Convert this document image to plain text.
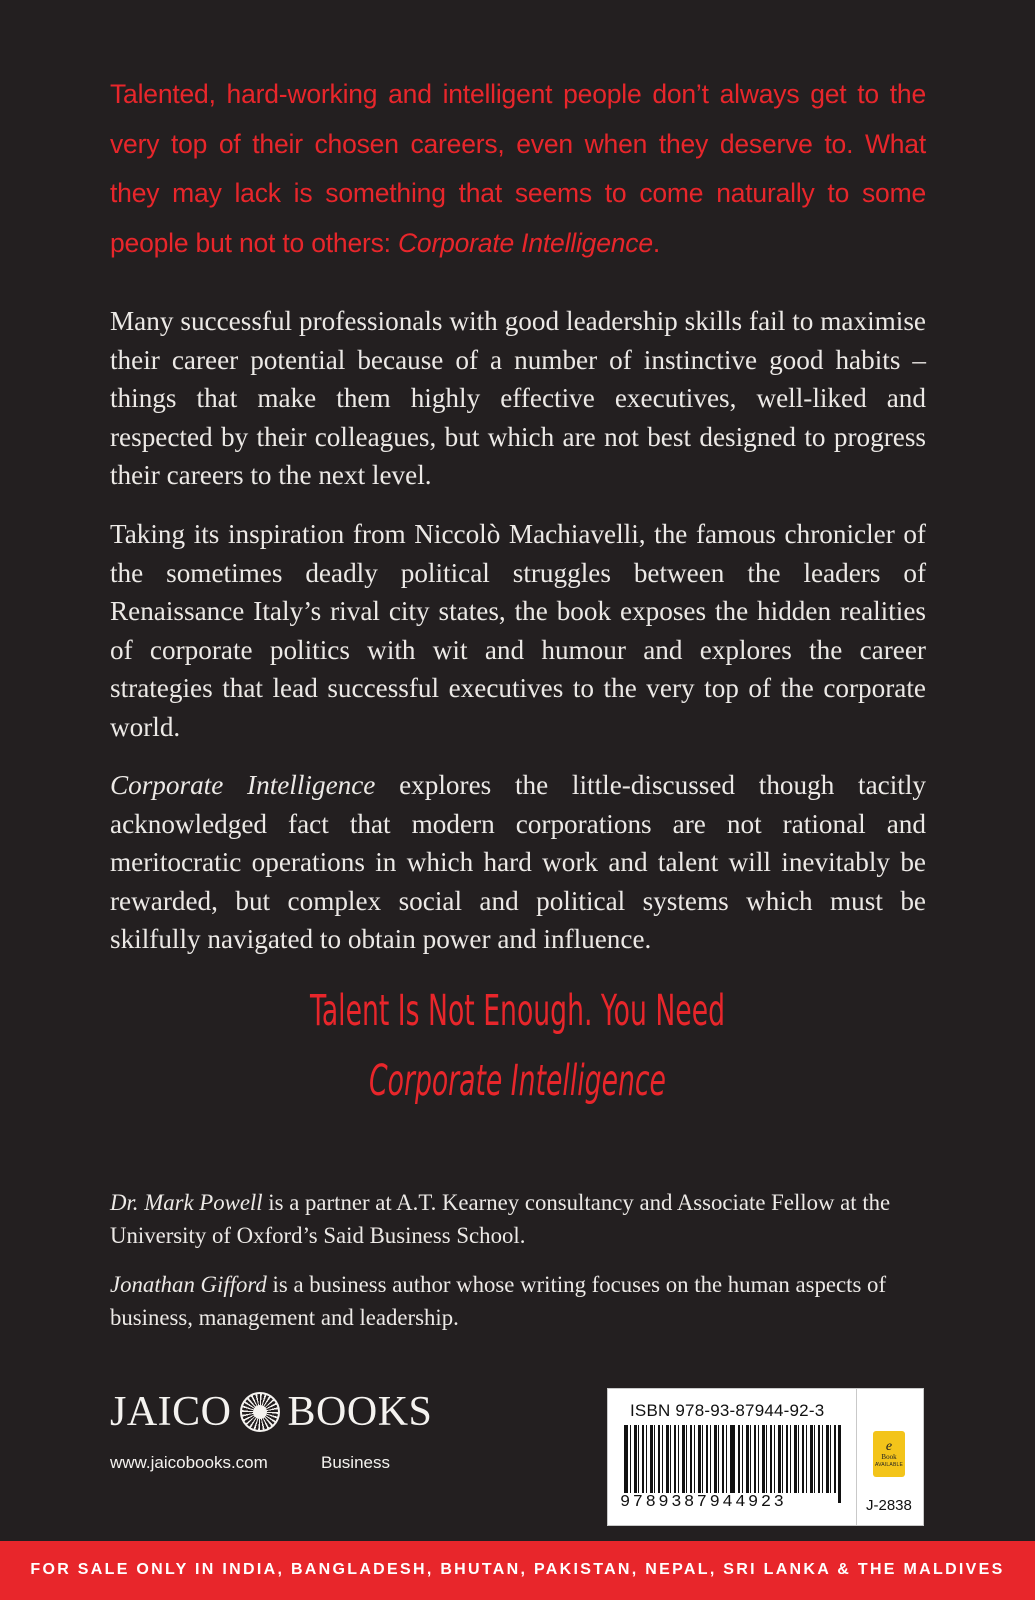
Talented, hard-working and intelligent people don’t always get to the very top of their chosen careers, even when they deserve to. What they may lack is something that seems to come naturally to some people but not to others: Corporate Intelligence.

Many successful professionals with good leadership skills fail to maximise their career potential because of a number of instinctive good habits – things that make them highly effective executives, well-liked and respected by their colleagues, but which are not best designed to progress their careers to the next level.

Taking its inspiration from Niccolò Machiavelli, the famous chronicler of the sometimes deadly political struggles between the leaders of Renaissance Italy’s rival city states, the book exposes the hidden realities of corporate politics with wit and humour and explores the career strategies that lead successful executives to the very top of the corporate world.

Corporate Intelligence explores the little-discussed though tacitly acknowledged fact that modern corporations are not rational and meritocratic operations in which hard work and talent will inevitably be rewarded, but complex social and political systems which must be skilfully navigated to obtain power and influence.

Talent Is Not Enough. You Need

Corporate Intelligence

Dr. Mark Powell is a partner at A.T. Kearney consultancy and Associate Fellow at the University of Oxford’s Said Business School.

Jonathan Gifford is a business author whose writing focuses on the human aspects of business, management and leadership.

JAICO BOOKS
www.jaicobooks.com	Business
ISBN 978-93-87944-92-3
9789387944923
e
Book
AVAILABLE
J-2838
FOR SALE ONLY IN INDIA, BANGLADESH, BHUTAN, PAKISTAN, NEPAL, SRI LANKA & THE MALDIVES
